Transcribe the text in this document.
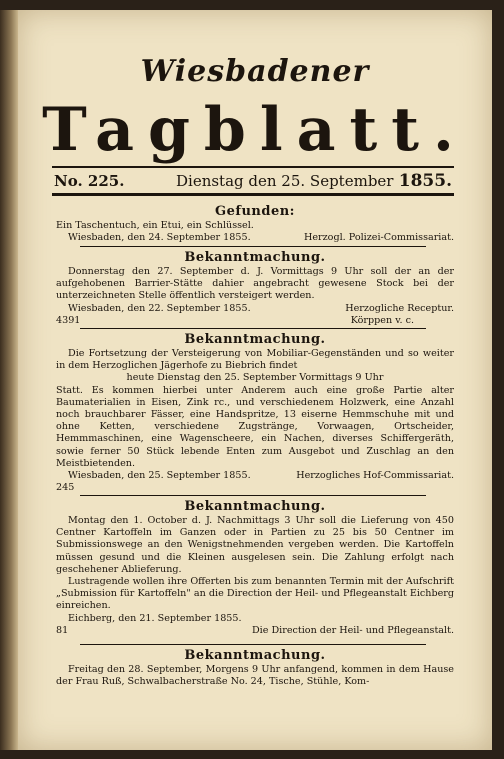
Wiesbadener
Tagblatt.
No. 225.	Dienstag den 25. September 1855.
Gefunden:

Ein Taschentuch, ein Etui, ein Schlüssel.

Wiesbaden, den 24. September 1855.	Herzogl. Polizei-Commissariat.
Bekanntmachung.

Donnerstag den 27. September d. J. Vormittags 9 Uhr soll der an der aufgehobenen Barrier-Stätte dahier angebracht gewesene Stock bei der unterzeichneten Stelle öffentlich versteigert werden.

Wiesbaden, den 22. September 1855.	Herzogliche Receptur.
4391	Körppen v. c.
Bekanntmachung.

Die Fortsetzung der Versteigerung von Mobiliar-Gegenständen und so weiter in dem Herzoglichen Jägerhofe zu Biebrich findet

heute Dienstag den 25. September Vormittags 9 Uhr

Statt. Es kommen hierbei unter Anderem auch eine große Partie alter Baumaterialien in Eisen, Zink rc., und verschiedenem Holzwerk, eine Anzahl noch brauchbarer Fässer, eine Handspritze, 13 eiserne Hemmschuhe mit und ohne Ketten, verschiedene Zugstränge, Vorwaagen, Ortscheider, Hemmmaschinen, eine Wagenscheere, ein Nachen, diverses Schiffergeräth, sowie ferner 50 Stück lebende Enten zum Ausgebot und Zuschlag an den Meistbietenden.

Wiesbaden, den 25. September 1855.	Herzogliches Hof-Commissariat.
245
Bekanntmachung.

Montag den 1. October d. J. Nachmittags 3 Uhr soll die Lieferung von 450 Centner Kartoffeln im Ganzen oder in Partien zu 25 bis 50 Centner im Submissionswege an den Wenigstnehmenden vergeben werden. Die Kartoffeln müssen gesund und die Kleinen ausgelesen sein. Die Zahlung erfolgt nach geschehener Ablieferung.

Lustragende wollen ihre Offerten bis zum benannten Termin mit der Aufschrift „Submission für Kartoffeln" an die Direction der Heil- und Pflegeanstalt Eichberg einreichen.

Eichberg, den 21. September 1855.
81	Die Direction der Heil- und Pflegeanstalt.
Bekanntmachung.

Freitag den 28. September, Morgens 9 Uhr anfangend, kommen in dem Hause der Frau Ruß, Schwalbacherstraße No. 24, Tische, Stühle, Kom-
